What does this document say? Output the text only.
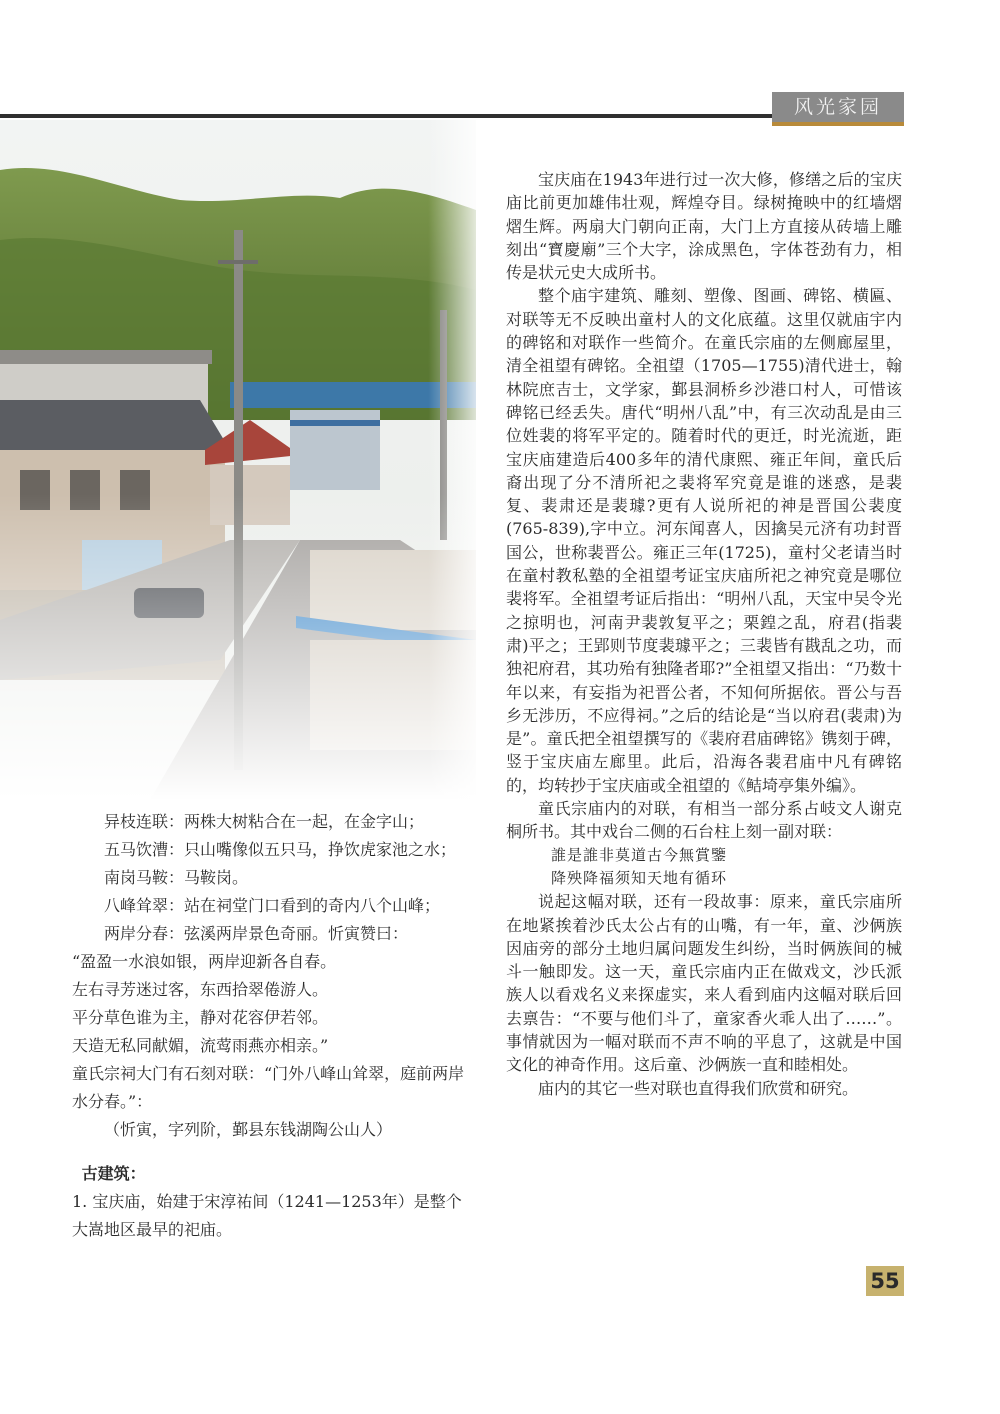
风光家园

异枝连联：两株大树粘合在一起，在金字山；

五马饮漕：只山嘴像似五只马，挣饮虎家池之水；

南岗马鞍：马鞍岗。

八峰耸翠：站在祠堂门口看到的奇内八个山峰；

两岸分春：弦溪两岸景色奇丽。忻寅赞曰：

“盈盈一水浪如银，两岸迎新各自春。

左右寻芳迷过客，东西拾翠倦游人。

平分草色谁为主，静对花容伊若邻。

天造无私同献媚，流莺雨燕亦相亲。”

童氏宗祠大门有石刻对联：“门外八峰山耸翠，庭前两岸水分春。”：

（忻寅，字列阶，鄞县东钱湖陶公山人）

古建筑：

1. 宝庆庙，始建于宋淳祐间（1241—1253年）是整个大嵩地区最早的祀庙。

宝庆庙在1943年进行过一次大修，修缮之后的宝庆庙比前更加雄伟壮观，辉煌夺目。绿树掩映中的红墙熠熠生辉。两扇大门朝向正南，大门上方直接从砖墙上雕刻出“寶慶廟”三个大字，涂成黑色，字体苍劲有力，相传是状元史大成所书。

整个庙宇建筑、雕刻、塑像、图画、碑铭、横匾、对联等无不反映出童村人的文化底蕴。这里仅就庙宇内的碑铭和对联作一些简介。在童氏宗庙的左侧廊屋里，清全祖望有碑铭。全祖望（1705—1755)清代进士，翰林院庶吉士，文学家，鄞县洞桥乡沙港口村人，可惜该碑铭已经丢失。唐代“明州八乱”中，有三次动乱是由三位姓裴的将军平定的。随着时代的更迁，时光流逝，距宝庆庙建造后400多年的清代康熙、雍正年间，童氏后裔出现了分不清所祀之裴将军究竟是谁的迷惑，是裴复、裴肃还是裴璩?更有人说所祀的神是晋国公裴度(765-839),字中立。河东闻喜人，因擒吴元济有功封晋国公，世称裴晋公。雍正三年(1725)，童村父老请当时在童村教私塾的全祖望考证宝庆庙所祀之神究竟是哪位裴将军。全祖望考证后指出：“明州八乱，天宝中吴令光之掠明也，河南尹裴敦复平之；栗鍠之乱，府君(指裴肃)平之；王郢则节度裴璩平之；三裴皆有戡乱之功，而独祀府君，其功殆有独隆者耶?”全祖望又指出：“乃数十年以来，有妄指为祀晋公者，不知何所据依。晋公与吾乡无涉历，不应得祠。”之后的结论是“当以府君(裴肃)为是”。童氏把全祖望撰写的《裴府君庙碑铭》镌刻于碑，竖于宝庆庙左廊里。此后，沿海各裴君庙中凡有碑铭的，均转抄于宝庆庙或全祖望的《鲒埼亭集外编》。

童氏宗庙内的对联，有相当一部分系占岐文人谢克桐所书。其中戏台二侧的石台柱上刻一副对联：

誰是誰非莫道古今無賞鑒

降殃降福须知天地有循环

说起这幅对联，还有一段故事：原来，童氏宗庙所在地紧挨着沙氏太公占有的山嘴，有一年，童、沙俩族因庙旁的部分土地归属问题发生纠纷，当时俩族间的械斗一触即发。这一天，童氏宗庙内正在做戏文，沙氏派族人以看戏名义来探虚实，来人看到庙内这幅对联后回去禀告：“不要与他们斗了，童家香火乖人出了……”。事情就因为一幅对联而不声不响的平息了，这就是中国文化的神奇作用。这后童、沙俩族一直和睦相处。

庙内的其它一些对联也直得我们欣赏和研究。

55
